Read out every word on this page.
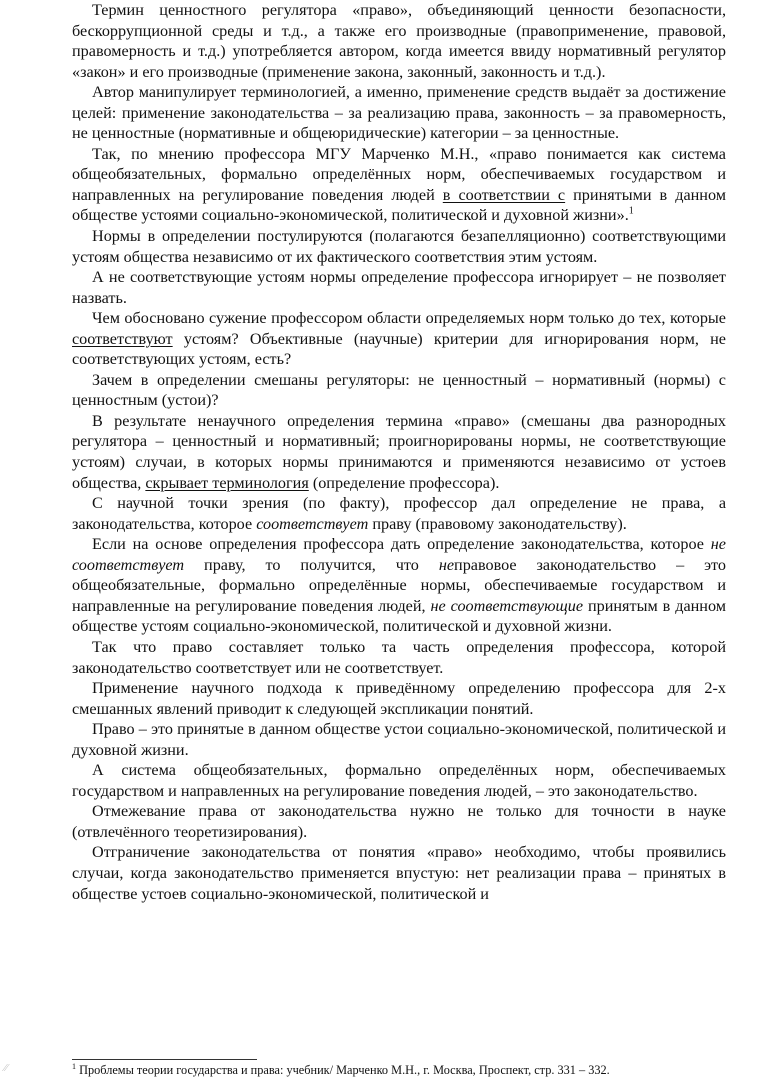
Термин ценностного регулятора «право», объединяющий ценности безопасности, бескоррупционной среды и т.д., а также его производные (правоприменение, правовой, правомерность и т.д.) употребляется автором, когда имеется ввиду нормативный регулятор «закон» и его производные (применение закона, законный, законность и т.д.).

Автор манипулирует терминологией, а именно, применение средств выдаёт за достижение целей: применение законодательства – за реализацию права, законность – за правомерность, не ценностные (нормативные и общеюридические) категории – за ценностные.

Так, по мнению профессора МГУ Марченко М.Н., «право понимается как система общеобязательных, формально определённых норм, обеспечиваемых государством и направленных на регулирование поведения людей в соответствии с принятыми в данном обществе устоями социально-экономической, политической и духовной жизни».$^1$

Нормы в определении постулируются (полагаются безапелляционно) соответствующими устоям общества независимо от их фактического соответствия этим устоям.

А не соответствующие устоям нормы определение профессора игнорирует – не позволяет назвать.

Чем обосновано сужение профессором области определяемых норм только до тех, которые соответствуют устоям? Объективные (научные) критерии для игнорирования норм, не соответствующих устоям, есть?

Зачем в определении смешаны регуляторы: не ценностный – нормативный (нормы) с ценностным (устои)?

В результате ненаучного определения термина «право» (смешаны два разнородных регулятора – ценностный и нормативный; проигнорированы нормы, не соответствующие устоям) случаи, в которых нормы принимаются и применяются независимо от устоев общества, скрывает терминология (определение профессора).

С научной точки зрения (по факту), профессор дал определение не права, а законодательства, которое соответствует праву (правовому законодательству).

Если на основе определения профессора дать определение законодательства, которое не соответствует праву, то получится, что неправовое законодательство – это общеобязательные, формально определённые нормы, обеспечиваемые государством и направленные на регулирование поведения людей, не соответствующие принятым в данном обществе устоям социально-экономической, политической и духовной жизни.

Так что право составляет только та часть определения профессора, которой законодательство соответствует или не соответствует.

Применение научного подхода к приведённому определению профессора для 2-х смешанных явлений приводит к следующей экспликации понятий.

Право – это принятые в данном обществе устои социально-экономической, политической и духовной жизни.

А система общеобязательных, формально определённых норм, обеспечиваемых государством и направленных на регулирование поведения людей, – это законодательство.

Отмежевание права от законодательства нужно не только для точности в науке (отвлечённого теоретизирования).

Отграничение законодательства от понятия «право» необходимо, чтобы проявились случаи, когда законодательство применяется впустую: нет реализации права – принятых в обществе устоев социально-экономической, политической и

$^1$ Проблемы теории государства и права: учебник/ Марченко М.Н., г. Москва, Проспект, стр. 331 – 332.
⁄⁄
